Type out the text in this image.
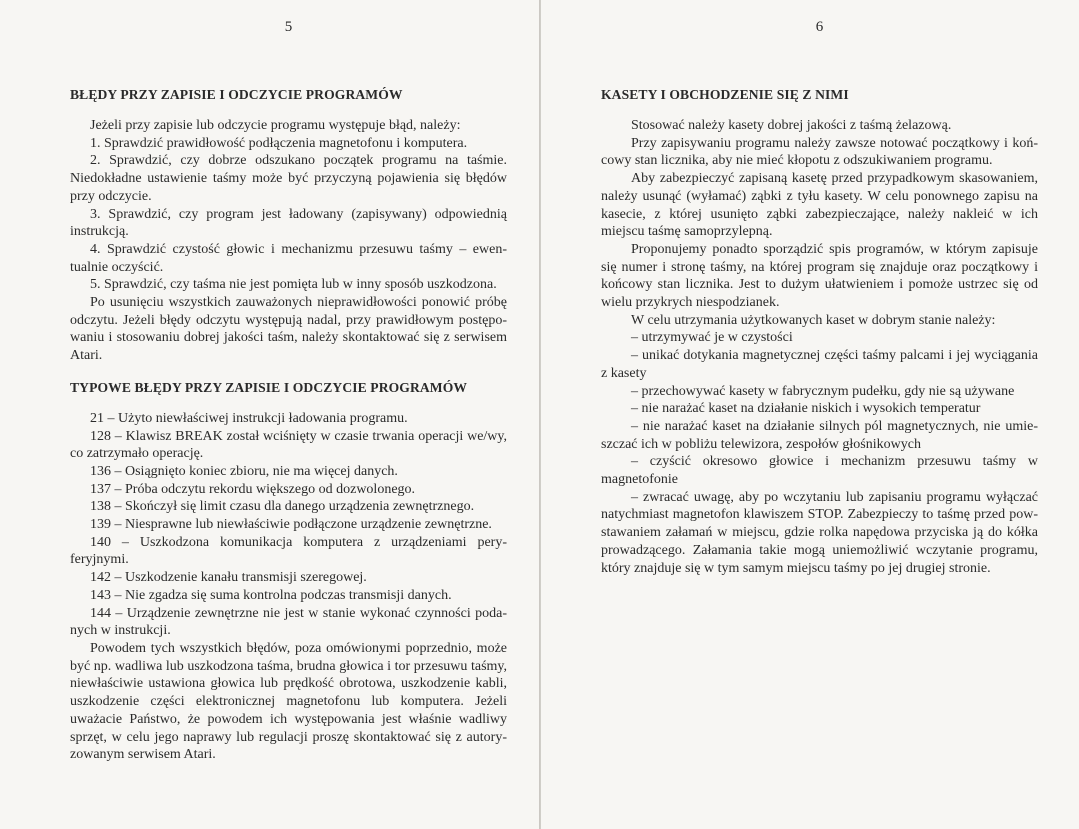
5
BŁĘDY PRZY ZAPISIE I ODCZYCIE PROGRAMÓW

Jeżeli przy zapisie lub odczycie programu występuje błąd, należy:

1. Sprawdzić prawidłowość podłączenia magnetofonu i komputera.

2. Sprawdzić, czy dobrze odszukano początek programu na taśmie. Niedokładne ustawienie taśmy może być przyczyną pojawienia się błędów przy odczycie.

3. Sprawdzić, czy program jest ładowany (zapisywany) odpowiednią instrukcją.

4. Sprawdzić czystość głowic i mechanizmu przesuwu taśmy – ewentualnie oczyścić.

5. Sprawdzić, czy taśma nie jest pomięta lub w inny sposób uszkodzona.

Po usunięciu wszystkich zauważonych nieprawidłowości ponowić próbę odczytu. Jeżeli błędy odczytu występują nadal, przy prawidłowym postępowaniu i stosowaniu dobrej jakości taśm, należy skontaktować się z serwisem Atari.

TYPOWE BŁĘDY PRZY ZAPISIE I ODCZYCIE PROGRAMÓW

21 – Użyto niewłaściwej instrukcji ładowania programu.

128 – Klawisz BREAK został wciśnięty w czasie trwania operacji we/wy, co zatrzymało operację.

136 – Osiągnięto koniec zbioru, nie ma więcej danych.

137 – Próba odczytu rekordu większego od dozwolonego.

138 – Skończył się limit czasu dla danego urządzenia zewnętrznego.

139 – Niesprawne lub niewłaściwie podłączone urządzenie zewnętrzne.

140 – Uszkodzona komunikacja komputera z urządzeniami peryferyjnymi.

142 – Uszkodzenie kanału transmisji szeregowej.

143 – Nie zgadza się suma kontrolna podczas transmisji danych.

144 – Urządzenie zewnętrzne nie jest w stanie wykonać czynności podanych w instrukcji.

Powodem tych wszystkich błędów, poza omówionymi poprzednio, może być np. wadliwa lub uszkodzona taśma, brudna głowica i tor przesuwu taśmy, niewłaściwie ustawiona głowica lub prędkość obrotowa, uszkodzenie kabli, uszkodzenie części elektronicznej magnetofonu lub komputera. Jeżeli uważacie Państwo, że powodem ich występowania jest właśnie wadliwy sprzęt, w celu jego naprawy lub regulacji proszę skontaktować się z autoryzowanym serwisem Atari.

6
KASETY I OBCHODZENIE SIĘ Z NIMI

Stosować należy kasety dobrej jakości z taśmą żelazową.

Przy zapisywaniu programu należy zawsze notować początkowy i końcowy stan licznika, aby nie mieć kłopotu z odszukiwaniem programu.

Aby zabezpieczyć zapisaną kasetę przed przypadkowym skasowaniem, należy usunąć (wyłamać) ząbki z tyłu kasety. W celu ponownego zapisu na kasecie, z której usunięto ząbki zabezpieczające, należy nakleić w ich miejscu taśmę samoprzylepną.

Proponujemy ponadto sporządzić spis programów, w którym zapisuje się numer i stronę taśmy, na której program się znajduje oraz początkowy i końcowy stan licznika. Jest to dużym ułatwieniem i pomoże ustrzec się od wielu przykrych niespodzianek.

W celu utrzymania użytkowanych kaset w dobrym stanie należy:

– utrzymywać je w czystości

– unikać dotykania magnetycznej części taśmy palcami i jej wyciągania z kasety

– przechowywać kasety w fabrycznym pudełku, gdy nie są używane

– nie narażać kaset na działanie niskich i wysokich temperatur

– nie narażać kaset na działanie silnych pól magnetycznych, nie umieszczać ich w pobliżu telewizora, zespołów głośnikowych

– czyścić okresowo głowice i mechanizm przesuwu taśmy w magnetofonie

– zwracać uwagę, aby po wczytaniu lub zapisaniu programu wyłączać natychmiast magnetofon klawiszem STOP. Zabezpieczy to taśmę przed powstawaniem załamań w miejscu, gdzie rolka napędowa przyciska ją do kółka prowadzącego. Załamania takie mogą uniemożliwić wczytanie programu, który znajduje się w tym samym miejscu taśmy po jej drugiej stronie.
